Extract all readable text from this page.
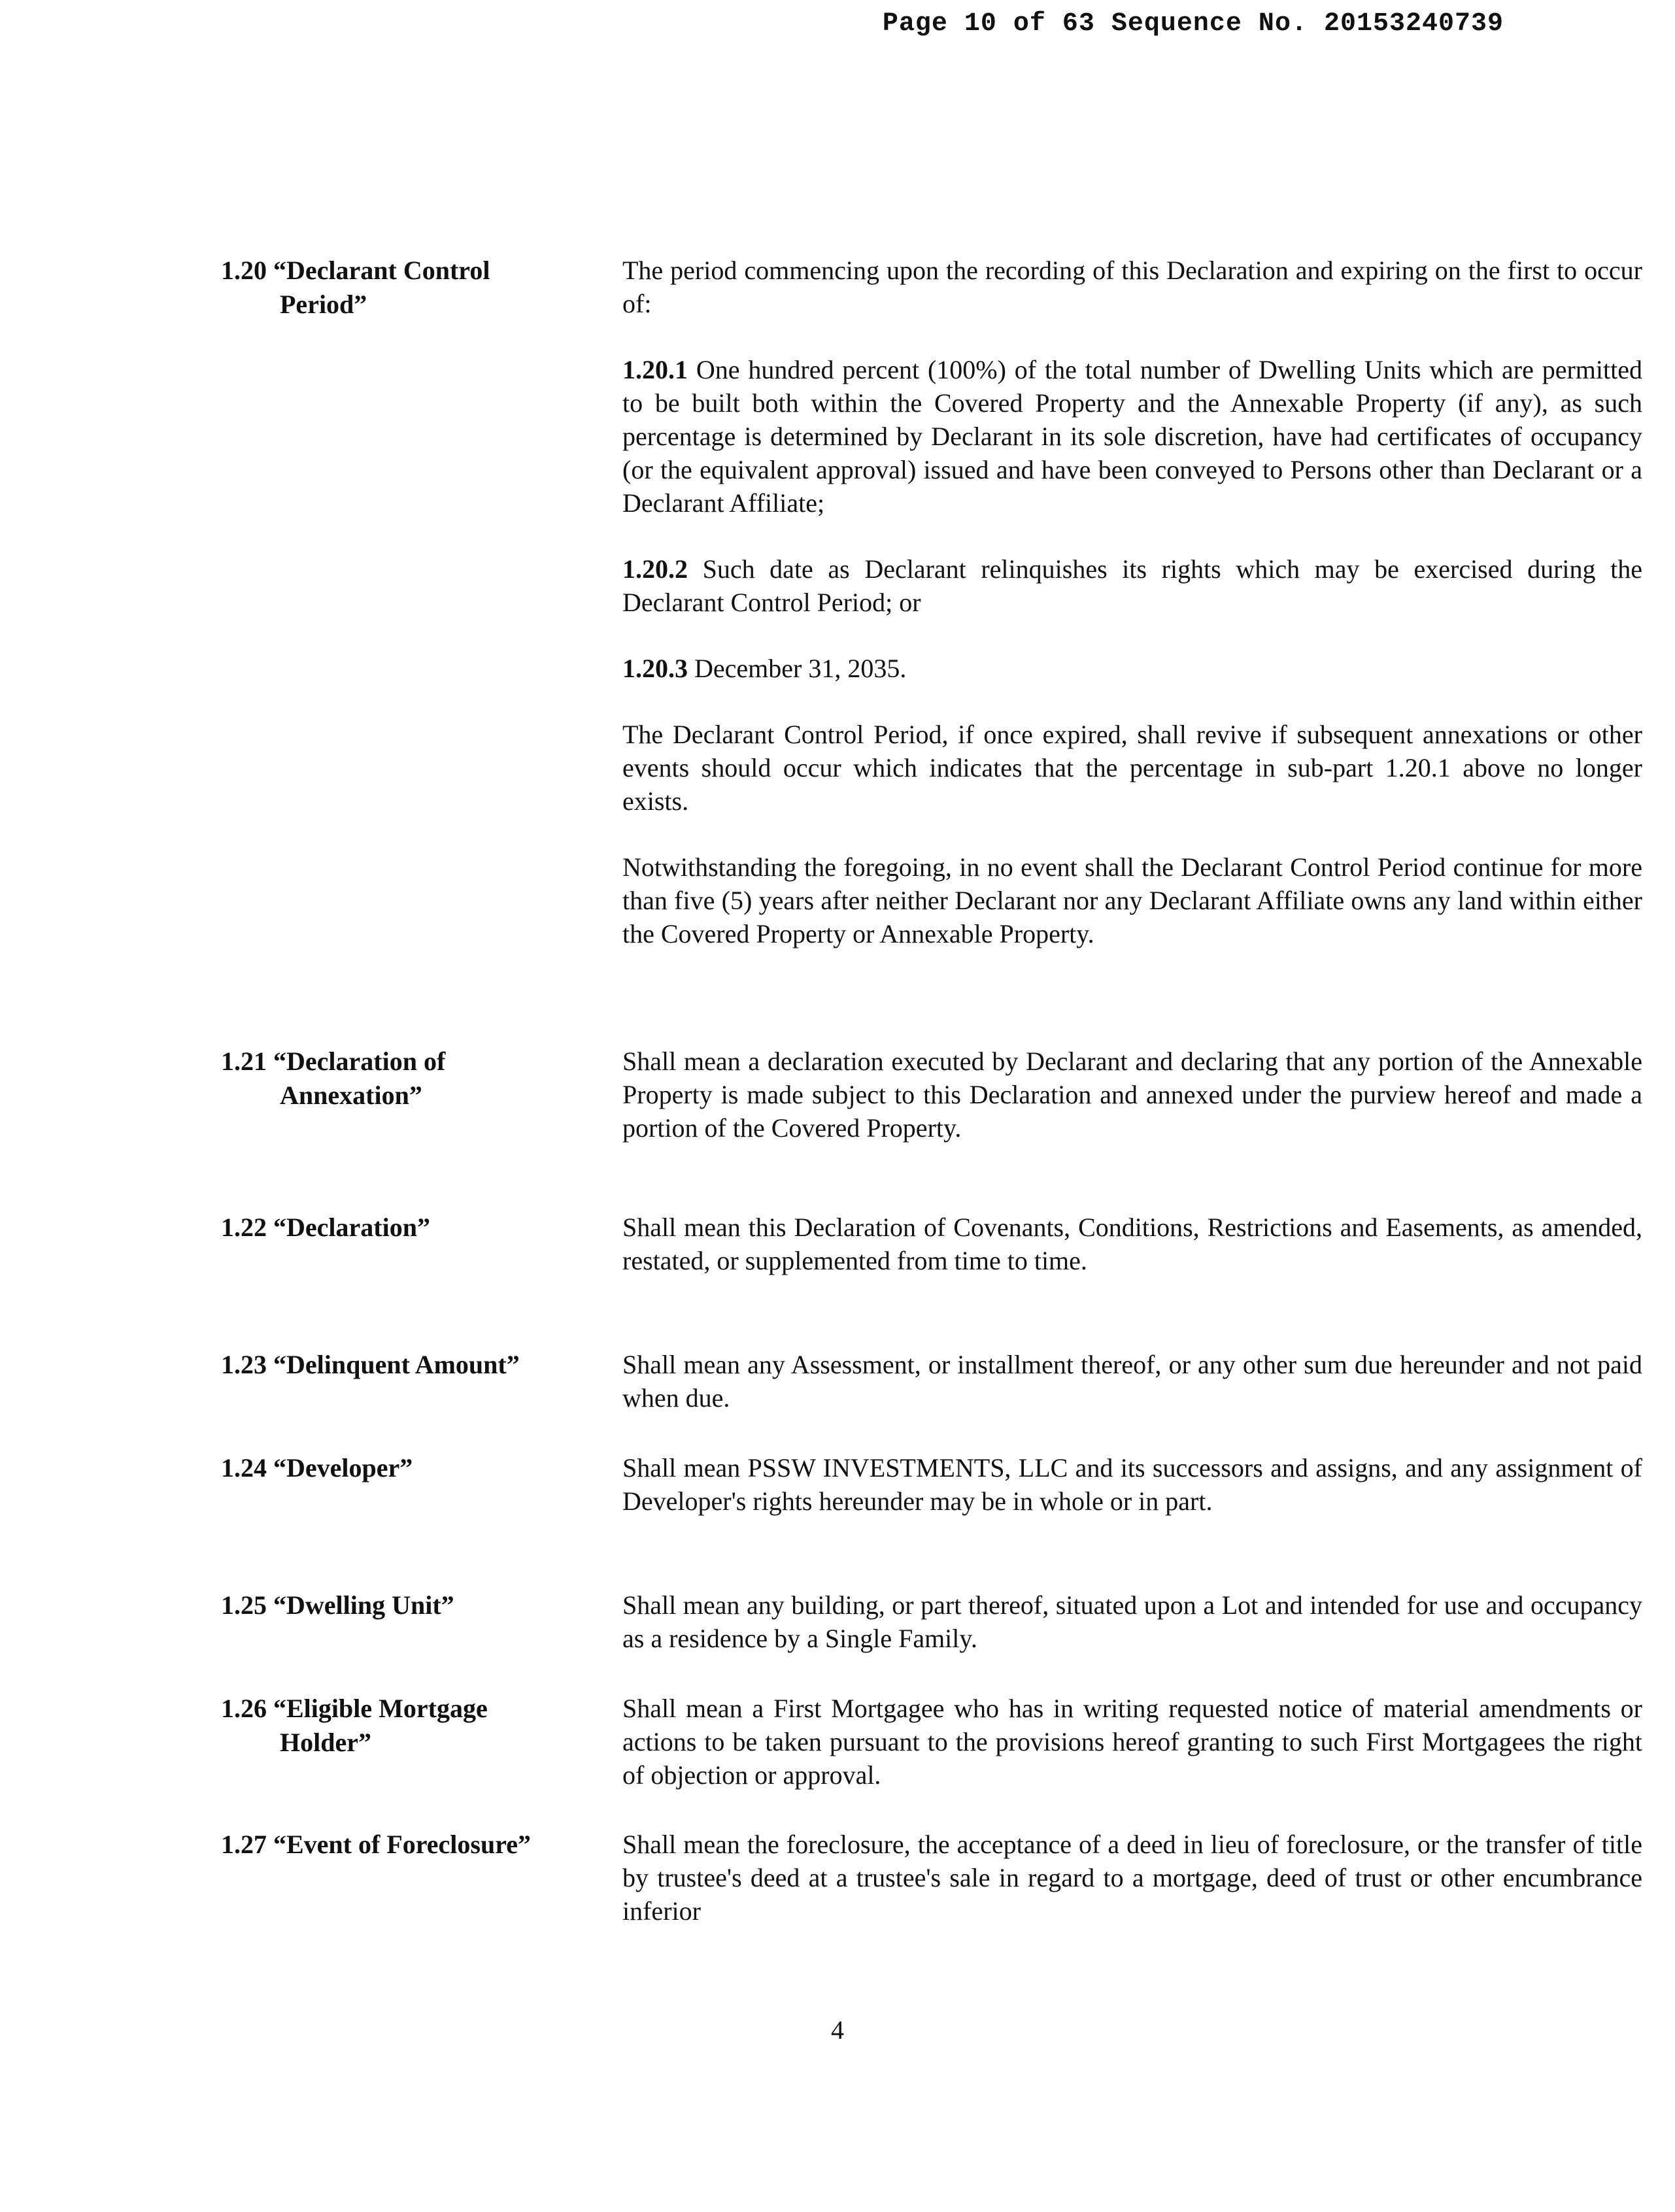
Page 10 of 63 Sequence No. 20153240739
1.20 “Declarant Control
Period”

The period commencing upon the recording of this Declaration and expiring on the first to occur of:

1.20.1 One hundred percent (100%) of the total number of Dwelling Units which are permitted to be built both within the Covered Property and the Annexable Property (if any), as such percentage is determined by Declarant in its sole discretion, have had certificates of occupancy (or the equivalent approval) issued and have been conveyed to Persons other than Declarant or a Declarant Affiliate;

1.20.2 Such date as Declarant relinquishes its rights which may be exercised during the Declarant Control Period; or

1.20.3 December 31, 2035.

The Declarant Control Period, if once expired, shall revive if subsequent annexations or other events should occur which indicates that the percentage in sub-part 1.20.1 above no longer exists.

Notwithstanding the foregoing, in no event shall the Declarant Control Period continue for more than five (5) years after neither Declarant nor any Declarant Affiliate owns any land within either the Covered Property or Annexable Property.

1.21 “Declaration of
Annexation”

Shall mean a declaration executed by Declarant and declaring that any portion of the Annexable Property is made subject to this Declaration and annexed under the purview hereof and made a portion of the Covered Property.

1.22 “Declaration”	Shall mean this Declaration of Covenants, Conditions, Restrictions and Easements, as amended, restated, or supplemented from time to time.

1.23 “Delinquent Amount”	Shall mean any Assessment, or installment thereof, or any other sum due hereunder and not paid when due.

1.24 “Developer”	Shall mean PSSW INVESTMENTS, LLC and its successors and assigns, and any assignment of Developer's rights hereunder may be in whole or in part.

1.25 “Dwelling Unit”	Shall mean any building, or part thereof, situated upon a Lot and intended for use and occupancy as a residence by a Single Family.

1.26 “Eligible Mortgage
Holder”

Shall mean a First Mortgagee who has in writing requested notice of material amendments or actions to be taken pursuant to the provisions hereof granting to such First Mortgagees the right of objection or approval.

1.27 “Event of Foreclosure”	Shall mean the foreclosure, the acceptance of a deed in lieu of foreclosure, or the transfer of title by trustee's deed at a trustee's sale in regard to a mortgage, deed of trust or other encumbrance inferior

4
